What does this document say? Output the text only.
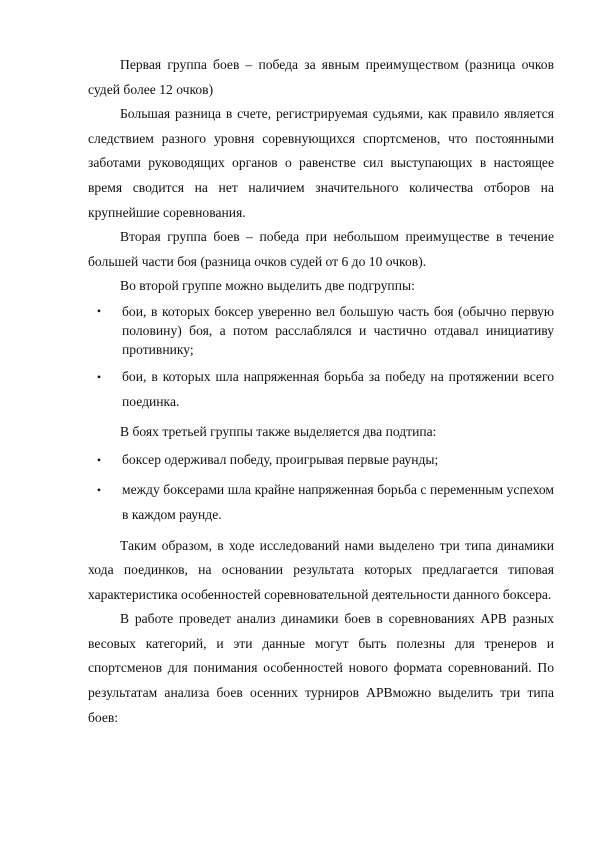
Первая группа боев – победа за явным преимуществом (разница очков судей более 12 очков)

Большая разница в счете, регистрируемая судьями, как правило является следствием разного уровня соревнующихся спортсменов, что постоянными заботами руководящих органов о равенстве сил выступающих в настоящее время сводится на нет наличием значительного количества отборов на крупнейшие соревнования.

Вторая группа боев – победа при небольшом преимуществе в течение большей части боя (разница очков судей от 6 до 10 очков).

Во второй группе можно выделить две подгруппы:

•	бои, в которых боксер уверенно вел большую часть боя (обычно первую половину) боя, а потом расслаблялся и частично отдавал инициативу противнику;
•	бои, в которых шла напряженная борьба за победу на протяжении всего поединка.

В боях третьей группы также выделяется два подтипа:

•	боксер одерживал победу, проигрывая первые раунды;
•	между боксерами шла крайне напряженная борьба с переменным успехом в каждом раунде.

Таким образом, в ходе исследований нами выделено три типа динамики хода поединков, на основании результата которых предлагается типовая характеристика особенностей соревновательной деятельности данного боксера.

В работе проведет анализ динамики боев в соревнованиях АРВ разных весовых категорий, и эти данные могут быть полезны для тренеров и спортсменов для понимания особенностей нового формата соревнований. По результатам анализа боев осенних турниров АРВможно выделить три типа боев:
